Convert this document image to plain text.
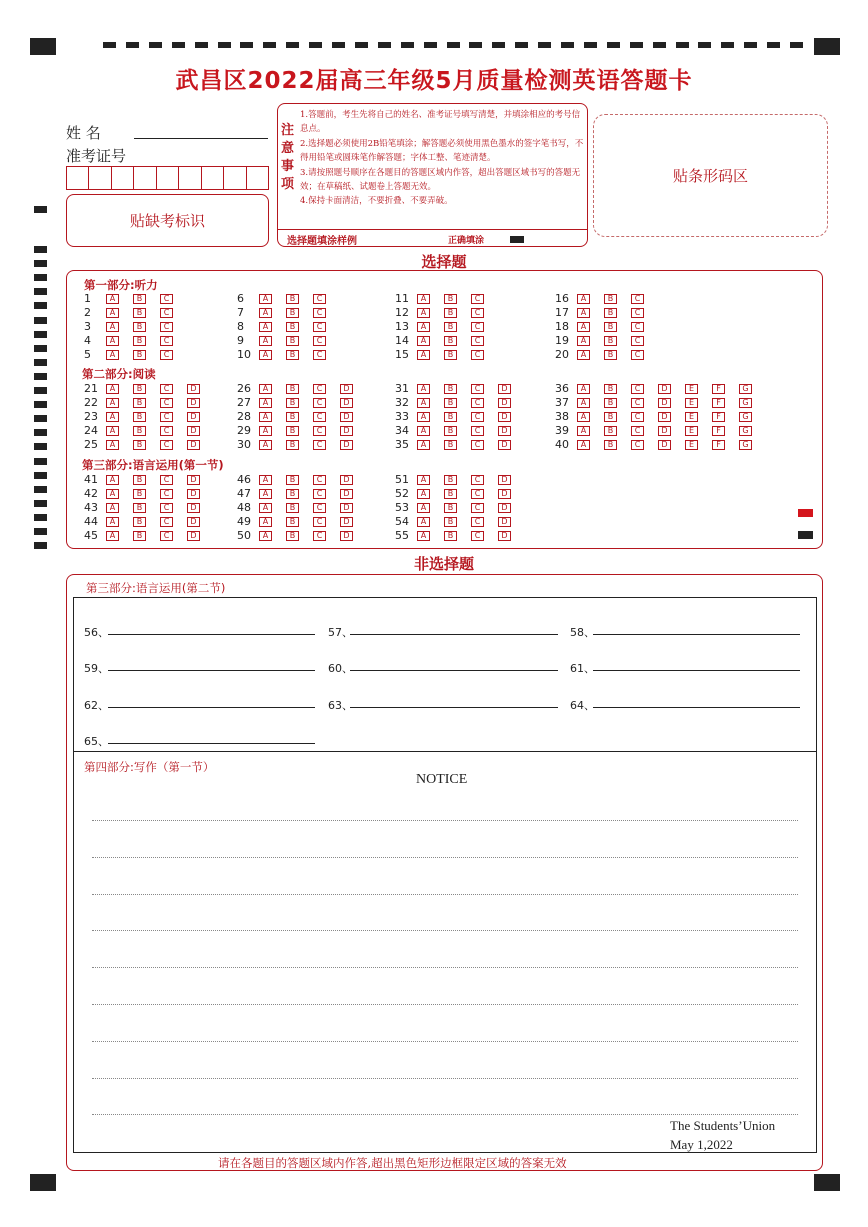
武昌区2022届高三年级5月质量检测英语答题卡
姓 名
准考证号
贴缺考标识
注意事项
1.答题前，考生先将自己的姓名、准考证号填写清楚，并填涂相应的考号信息点。
2.选择题必须使用2B铅笔填涂；解答题必须使用黑色墨水的签字笔书写，不得用铅笔或圆珠笔作解答题；字体工整、笔迹清楚。
3.请按照题号顺序在各题目的答题区域内作答，超出答题区域书写的答题无效；在草稿纸、试题卷上答题无效。
4.保持卡面清洁，不要折叠、不要弄破。
选择题填涂样例	正确填涂
贴条形码区
选择题
第一部分:听力
第二部分:阅读
第三部分:语言运用(第一节)
1 A	B	C
2 A	B	C
3 A	B	C
4 A	B	C
5 A	B	C
6 A	B	C
7 A	B	C
8 A	B	C
9 A	B	C
10 A	B	C
11 A	B	C
12 A	B	C
13 A	B	C
14 A	B	C
15 A	B	C
16 A	B	C
17 A	B	C
18 A	B	C
19 A	B	C
20 A	B	C
21 A	B	C	D
22 A	B	C	D
23 A	B	C	D
24 A	B	C	D
25 A	B	C	D
26 A	B	C	D
27 A	B	C	D
28 A	B	C	D
29 A	B	C	D
30 A	B	C	D
31 A	B	C	D
32 A	B	C	D
33 A	B	C	D
34 A	B	C	D
35 A	B	C	D
36 A	B	C	D	E	F	G
37 A	B	C	D	E	F	G
38 A	B	C	D	E	F	G
39 A	B	C	D	E	F	G
40 A	B	C	D	E	F	G
41 A	B	C	D
42 A	B	C	D
43 A	B	C	D
44 A	B	C	D
45 A	B	C	D
46 A	B	C	D
47 A	B	C	D
48 A	B	C	D
49 A	B	C	D
50 A	B	C	D
51 A	B	C	D
52 A	B	C	D
53 A	B	C	D
54 A	B	C	D
55 A	B	C	D
非选择题
第三部分:语言运用(第二节)
56、	57、	58、
59、	60、	61、
62、	63、	64、
65、
第四部分:写作（第一节）
NOTICE
The Students’Union
May 1,2022
请在各题目的答题区域内作答,超出黑色矩形边框限定区域的答案无效
